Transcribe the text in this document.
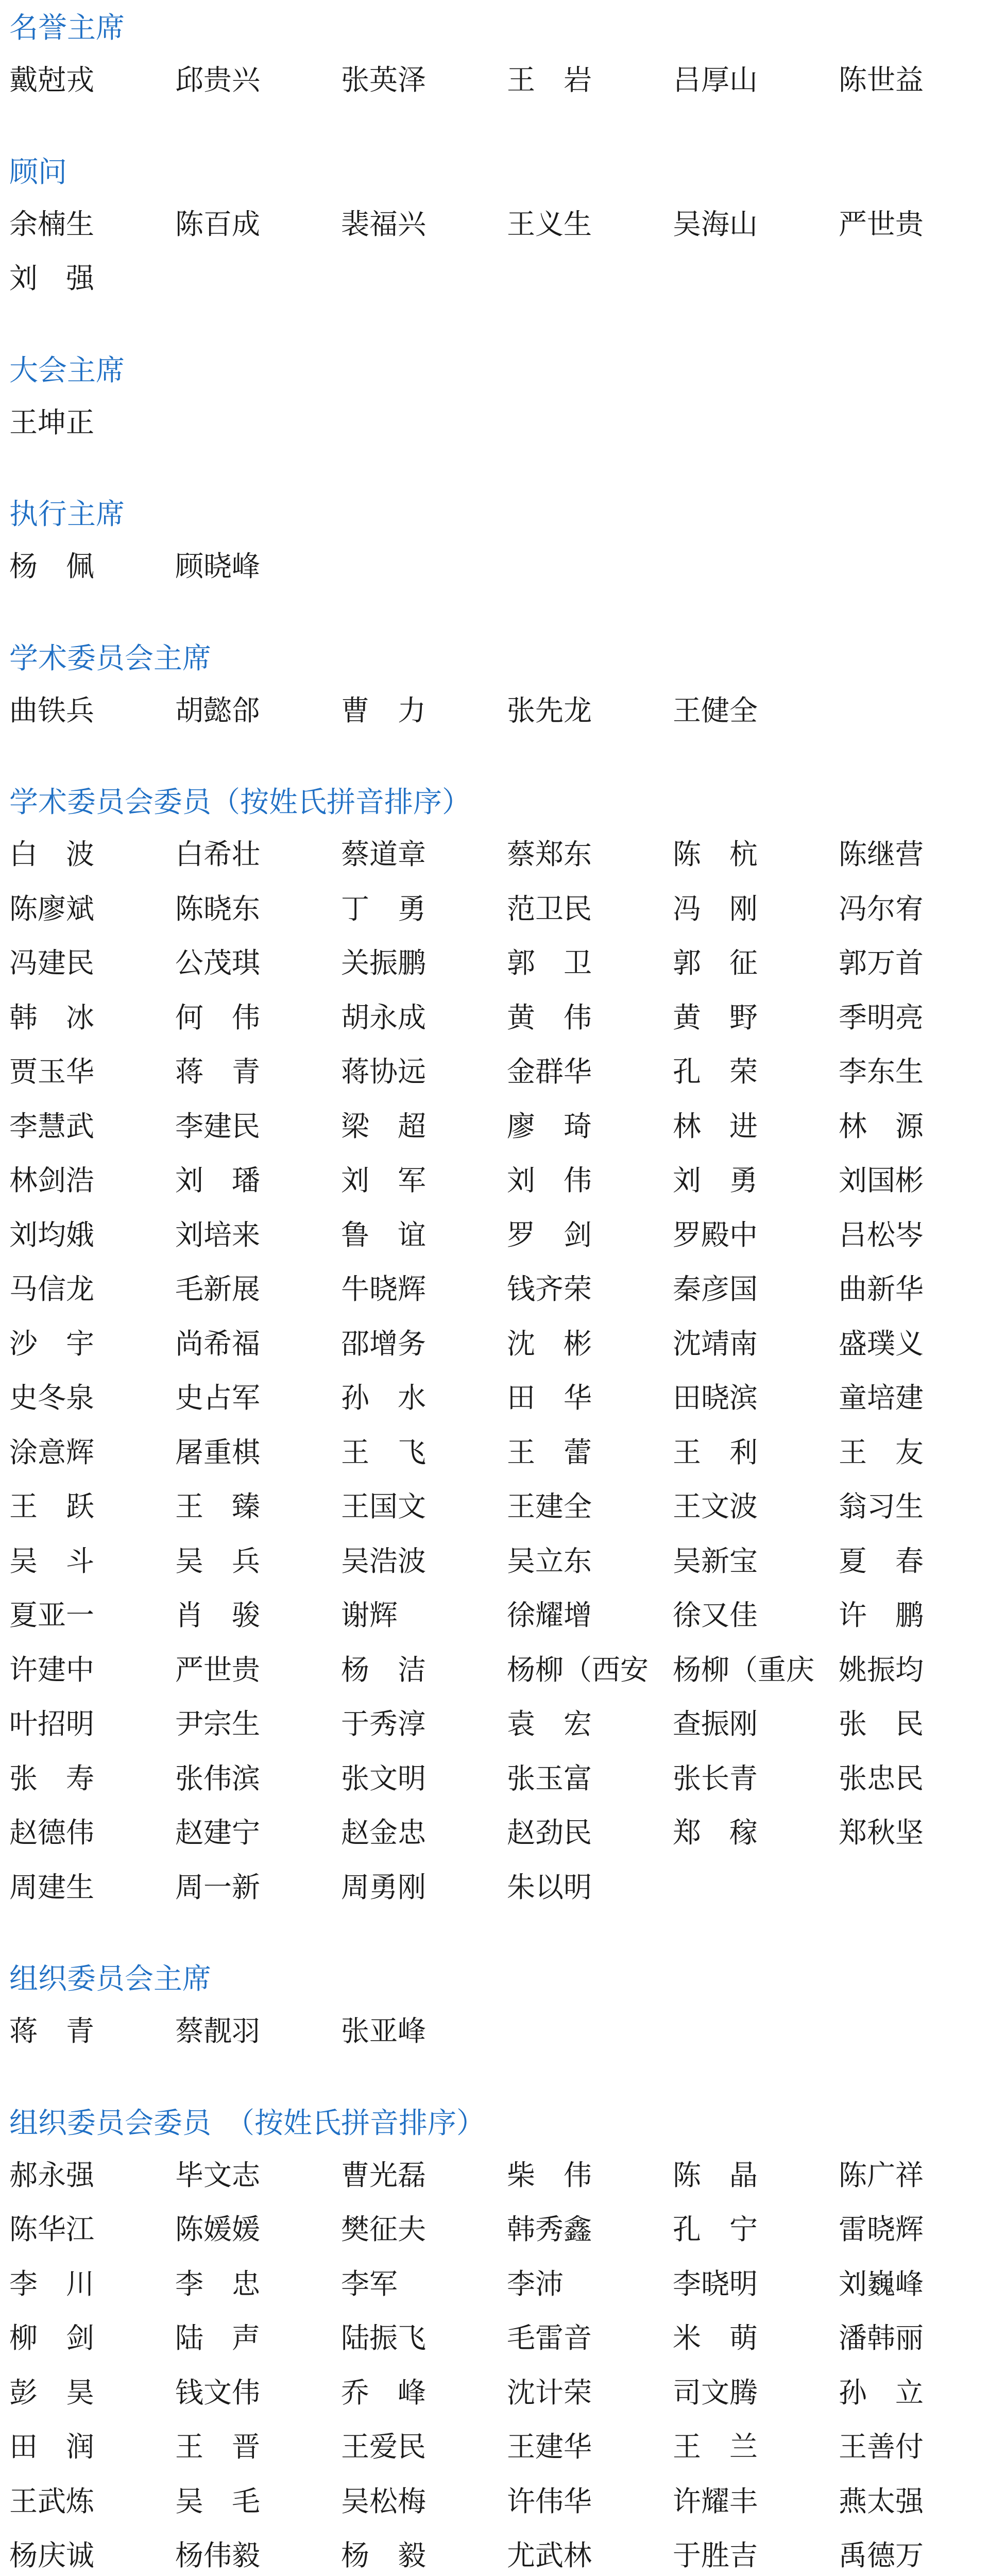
名誉主席
戴尅戎	邱贵兴	张英泽	王　岩	吕厚山	陈世益
顾问
余楠生	陈百成	裴福兴	王义生	吴海山	严世贵
刘　强
大会主席
王坤正
执行主席
杨　佩	顾晓峰
学术委员会主席
曲铁兵	胡懿郃	曹　力	张先龙	王健全
学术委员会委员（按姓氏拼音排序）
白　波	白希壮	蔡道章	蔡郑东	陈　杭	陈继营
陈廖斌	陈晓东	丁　勇	范卫民	冯　刚	冯尔宥
冯建民	公茂琪	关振鹏	郭　卫	郭　征	郭万首
韩　冰	何　伟	胡永成	黄　伟	黄　野	季明亮
贾玉华	蒋　青	蒋协远	金群华	孔　荣	李东生
李慧武	李建民	梁　超	廖　琦	林　进	林　源
林剑浩	刘　璠	刘　军	刘　伟	刘　勇	刘国彬
刘均娥	刘培来	鲁　谊	罗　剑	罗殿中	吕松岑
马信龙	毛新展	牛晓辉	钱齐荣	秦彦国	曲新华
沙　宇	尚希福	邵增务	沈　彬	沈靖南	盛璞义
史冬泉	史占军	孙　水	田　华	田晓滨	童培建
涂意辉	屠重棋	王　飞	王　蕾	王　利	王　友
王　跃	王　臻	王国文	王建全	王文波	翁习生
吴　斗	吴　兵	吴浩波	吴立东	吴新宝	夏　春
夏亚一	肖　骏	谢辉	徐耀增	徐又佳	许　鹏
许建中	严世贵	杨　洁	杨柳（西安 杨柳（重庆 姚振均
叶招明	尹宗生	于秀淳	袁　宏	查振刚	张　民
张　寿	张伟滨	张文明	张玉富	张长青	张忠民
赵德伟	赵建宁	赵金忠	赵劲民	郑　稼	郑秋坚
周建生	周一新	周勇刚	朱以明
组织委员会主席
蒋　青	蔡靓羽	张亚峰
组织委员会委员　（按姓氏拼音排序）
郝永强	毕文志	曹光磊	柴　伟	陈　晶	陈广祥
陈华江	陈媛媛	樊征夫	韩秀鑫	孔　宁	雷晓辉
李　川	李　忠	李军	李沛	李晓明	刘巍峰
柳　剑	陆　声	陆振飞	毛雷音	米　萌	潘韩丽
彭　昊	钱文伟	乔　峰	沈计荣	司文腾	孙　立
田　润	王　晋	王爱民	王建华	王　兰	王善付
王武炼	吴　毛	吴松梅	许伟华	许耀丰	燕太强
杨庆诚	杨伟毅	杨　毅	尤武林	于胜吉	禹德万
